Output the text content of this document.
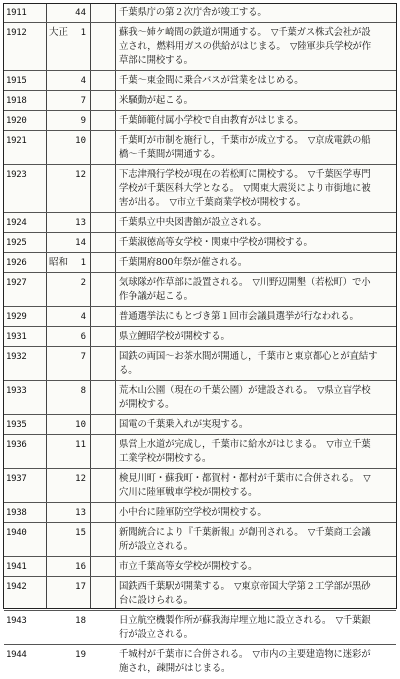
1911	44	千葉県庁の第２次庁舎が竣工する。
1912	大正	1	蘇我～姉ケ崎間の鉄道が開通する。　▽千葉ガス株式会社が設
立され，燃料用ガスの供給がはじまる。　▽陸軍歩兵学校が作
草部に開校する。
1915	4	千葉～東金間に乗合バスが営業をはじめる。
1918	7	米騒動が起こる。
1920	9	千葉師範付属小学校で自由教育がはじまる。
1921	10	千葉町が市制を施行し，千葉市が成立する。　▽京成電鉄の船
橋～千葉間が開通する。
1923	12	下志津飛行学校が現在の若松町に開校する。　▽千葉医学専門
学校が千葉医科大学となる。　▽関東大震災により市街地に被
害が出る。　▽市立千葉商業学校が開校する。
1924	13	千葉県立中央図書館が設立される。
1925	14	千葉淑徳高等女学校・関東中学校が開校する。
1926	昭和	1	千葉開府800年祭が催される。
1927	2	気球隊が作草部に設置される。　▽川野辺開墾（若松町）で小
作争議が起こる。
1929	4	普通選挙法にもとづき第１回市会議員選挙が行なわれる。
1931	6	県立鯉昭学校が開校する。
1932	7	国鉄の両国～お茶水間が開通し，千葉市と東京都心とが直結す
る。
1933	8	荒木山公園（現在の千葉公園）が建設される。　▽県立盲学校
が開校する。
1935	10	国電の千葉乗入れが実現する。
1936	11	県営上水道が完成し，千葉市に給水がはじまる。　▽市立千葉
工業学校が開校する。
1937	12	検見川町・蘇我町・都賀村・都村が千葉市に合併される。　▽
穴川に陸軍戦車学校が開校する。
1938	13	小中台に陸軍防空学校が開校する。
1940	15	新聞統合により『千葉新報』が創刊される。　▽千葉商工会議
所が設立される。
1941	16	市立千葉高等女学校が開校する。
1942	17	国鉄西千葉駅が開業する。　▽東京帝国大学第２工学部が黒砂
台に設けられる。
1943	18	日立航空機製作所が蘇我海岸埋立地に設立される。　▽千葉銀
行が設立される。
1944	19	千城村が千葉市に合併される。　▽市内の主要建造物に迷彩が
施され，疎開がはじまる。
